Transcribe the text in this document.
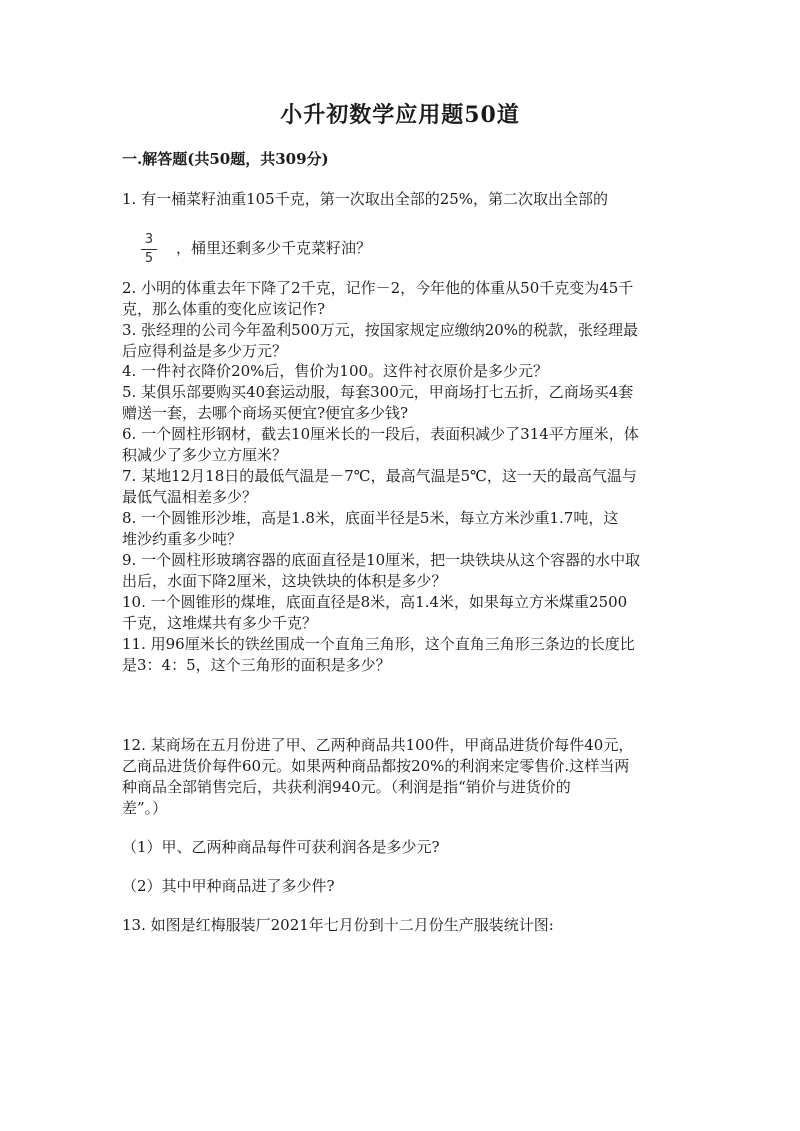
小升初数学应用题50道
一.解答题(共50题，共309分)
1. 有一桶菜籽油重105千克，第一次取出全部的25%，第二次取出全部的
3
5
，桶里还剩多少千克菜籽油？
2. 小明的体重去年下降了2千克，记作－2，今年他的体重从50千克变为45千
克，那么体重的变化应该记作?
3. 张经理的公司今年盈利500万元，按国家规定应缴纳20%的税款，张经理最
后应得利益是多少万元？
4. 一件衬衣降价20%后，售价为100。这件衬衣原价是多少元？
5. 某俱乐部要购买40套运动服，每套300元，甲商场打七五折，乙商场买4套
赠送一套，去哪个商场买便宜?便宜多少钱?
6. 一个圆柱形钢材，截去10厘米长的一段后，表面积减少了314平方厘米，体
积减少了多少立方厘米？
7. 某地12月18日的最低气温是－7℃，最高气温是5℃，这一天的最高气温与
最低气温相差多少？
8. 一个圆锥形沙堆，高是1.8米，底面半径是5米，每立方米沙重1.7吨，这
堆沙约重多少吨？
9. 一个圆柱形玻璃容器的底面直径是10厘米，把一块铁块从这个容器的水中取
出后，水面下降2厘米，这块铁块的体积是多少？
10. 一个圆锥形的煤堆，底面直径是8米，高1.4米，如果每立方米煤重2500
千克，这堆煤共有多少千克？
11. 用96厘米长的铁丝围成一个直角三角形，这个直角三角形三条边的长度比
是3：4：5，这个三角形的面积是多少？
12. 某商场在五月份进了甲、乙两种商品共100件，甲商品进货价每件40元，
乙商品进货价每件60元。如果两种商品都按20%的利润来定零售价.这样当两
种商品全部销售完后，共获利润940元。（利润是指“销价与进货价的
差”。）
（1）甲、乙两种商品每件可获利润各是多少元?
（2）其中甲种商品进了多少件?
13. 如图是红梅服装厂2021年七月份到十二月份生产服装统计图:
